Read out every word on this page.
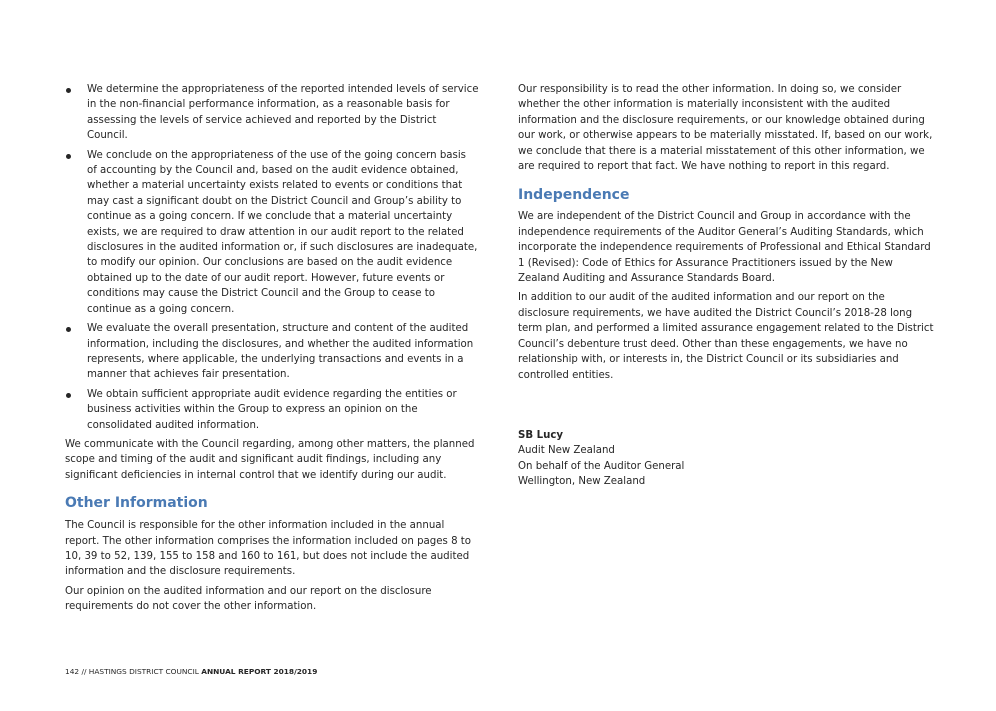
We determine the appropriateness of the reported intended levels of service in the non-financial performance information, as a reasonable basis for assessing the levels of service achieved and reported by the District Council.
We conclude on the appropriateness of the use of the going concern basis of accounting by the Council and, based on the audit evidence obtained, whether a material uncertainty exists related to events or conditions that may cast a significant doubt on the District Council and Group’s ability to continue as a going concern. If we conclude that a material uncertainty exists, we are required to draw attention in our audit report to the related disclosures in the audited information or, if such disclosures are inadequate, to modify our opinion. Our conclusions are based on the audit evidence obtained up to the date of our audit report. However, future events or conditions may cause the District Council and the Group to cease to continue as a going concern.
We evaluate the overall presentation, structure and content of the audited information, including the disclosures, and whether the audited information represents, where applicable, the underlying transactions and events in a manner that achieves fair presentation.
We obtain sufficient appropriate audit evidence regarding the entities or business activities within the Group to express an opinion on the consolidated audited information.

We communicate with the Council regarding, among other matters, the planned scope and timing of the audit and significant audit findings, including any significant deficiencies in internal control that we identify during our audit.

Other Information

The Council is responsible for the other information included in the annual report. The other information comprises the information included on pages 8 to 10, 39 to 52, 139, 155 to 158 and 160 to 161, but does not include the audited information and the disclosure requirements.

Our opinion on the audited information and our report on the disclosure requirements do not cover the other information.

Our responsibility is to read the other information. In doing so, we consider whether the other information is materially inconsistent with the audited information and the disclosure requirements, or our knowledge obtained during our work, or otherwise appears to be materially misstated. If, based on our work, we conclude that there is a material misstatement of this other information, we are required to report that fact. We have nothing to report in this regard.

Independence

We are independent of the District Council and Group in accordance with the independence requirements of the Auditor General’s Auditing Standards, which incorporate the independence requirements of Professional and Ethical Standard 1 (Revised): Code of Ethics for Assurance Practitioners issued by the New Zealand Auditing and Assurance Standards Board.

In addition to our audit of the audited information and our report on the disclosure requirements, we have audited the District Council’s 2018-28 long term plan, and performed a limited assurance engagement related to the District Council’s debenture trust deed. Other than these engagements, we have no relationship with, or interests in, the District Council or its subsidiaries and controlled entities.

SB Lucy

Audit New Zealand

On behalf of the Auditor General

Wellington, New Zealand

142 // HASTINGS DISTRICT COUNCIL ANNUAL REPORT 2018/2019
